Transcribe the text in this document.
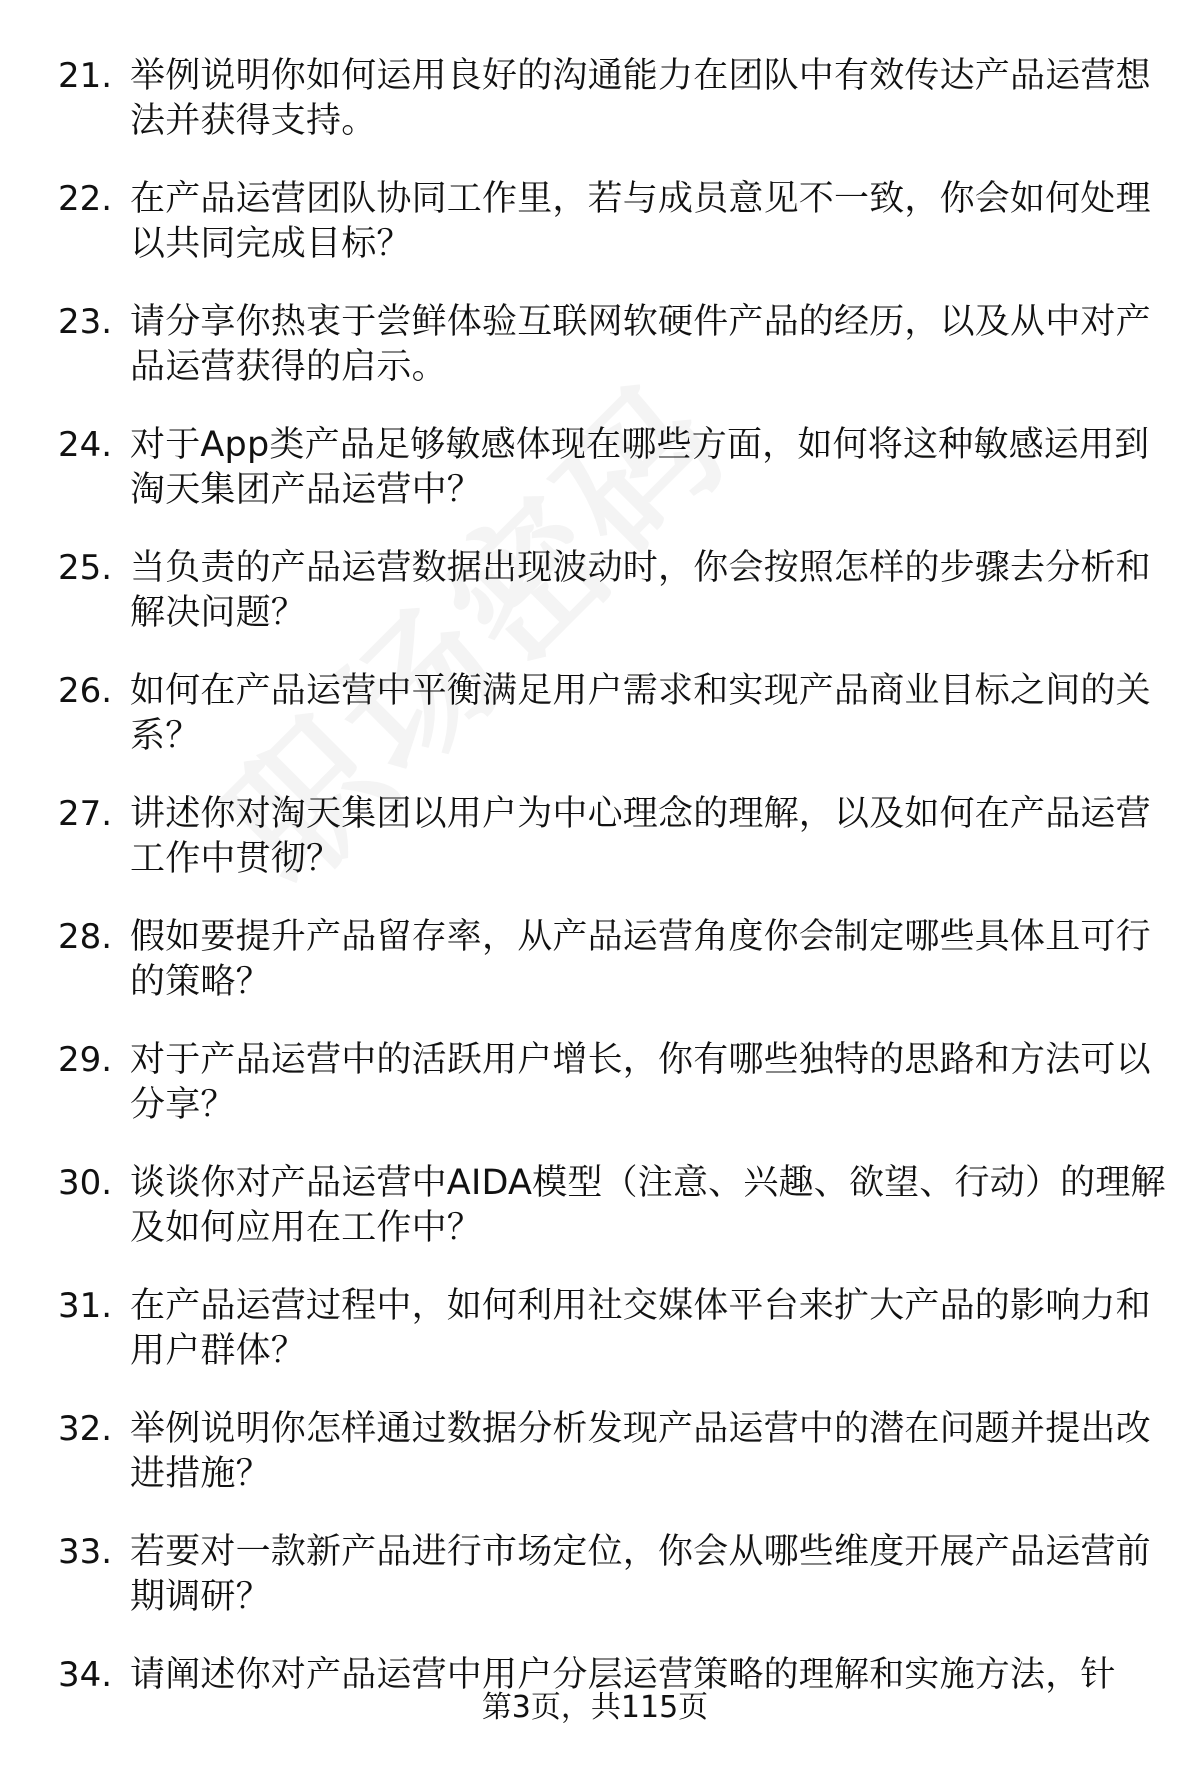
21. 举例说明你如何运用良好的沟通能力在团队中有效传达产品运营想法并获得支持。
22. 在产品运营团队协同工作里，若与成员意见不一致，你会如何处理以共同完成目标？
23. 请分享你热衷于尝鲜体验互联网软硬件产品的经历，以及从中对产品运营获得的启示。
24. 对于App类产品足够敏感体现在哪些方面，如何将这种敏感运用到淘天集团产品运营中？
25. 当负责的产品运营数据出现波动时，你会按照怎样的步骤去分析和解决问题？
26. 如何在产品运营中平衡满足用户需求和实现产品商业目标之间的关系？
27. 讲述你对淘天集团以用户为中心理念的理解，以及如何在产品运营工作中贯彻？
28. 假如要提升产品留存率，从产品运营角度你会制定哪些具体且可行的策略？
29. 对于产品运营中的活跃用户增长，你有哪些独特的思路和方法可以分享？
30. 谈谈你对产品运营中AIDA模型（注意、兴趣、欲望、行动）的理解及如何应用在工作中？
31. 在产品运营过程中，如何利用社交媒体平台来扩大产品的影响力和用户群体？
32. 举例说明你怎样通过数据分析发现产品运营中的潜在问题并提出改进措施？
33. 若要对一款新产品进行市场定位，你会从哪些维度开展产品运营前期调研？
34. 请阐述你对产品运营中用户分层运营策略的理解和实施方法，针
第3页，共115页
